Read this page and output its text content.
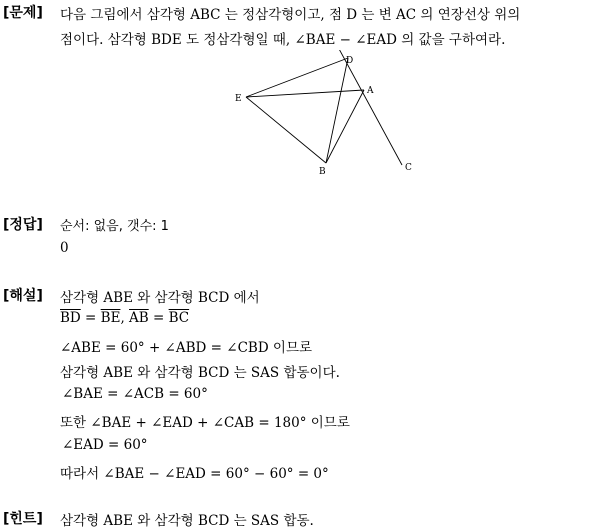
[문제] 다음 그림에서 삼각형 ABC 는 정삼각형이고, 점 D 는 변 AC 의 연장선상 위의
점이다. 삼각형 BDE 도 정삼각형일 때, ∠BAE − ∠EAD 의 값을 구하여라.
D
A
E
B	C
[정답] 순서: 없음, 갯수: 1
0
[해설] 삼각형 ABE 와 삼각형 BCD 에서
$\overline{BD} = \overline{BE}$, $\overline{AB} = \overline{BC}$
∠ABE = 60° + ∠ABD = ∠CBD 이므로
삼각형 ABE 와 삼각형 BCD 는 SAS 합동이다.
∠BAE = ∠ACB = 60°
또한 ∠BAE + ∠EAD + ∠CAB = 180° 이므로
∠EAD = 60°
따라서 ∠BAE − ∠EAD = 60° − 60° = 0°
[힌트] 삼각형 ABE 와 삼각형 BCD 는 SAS 합동.
